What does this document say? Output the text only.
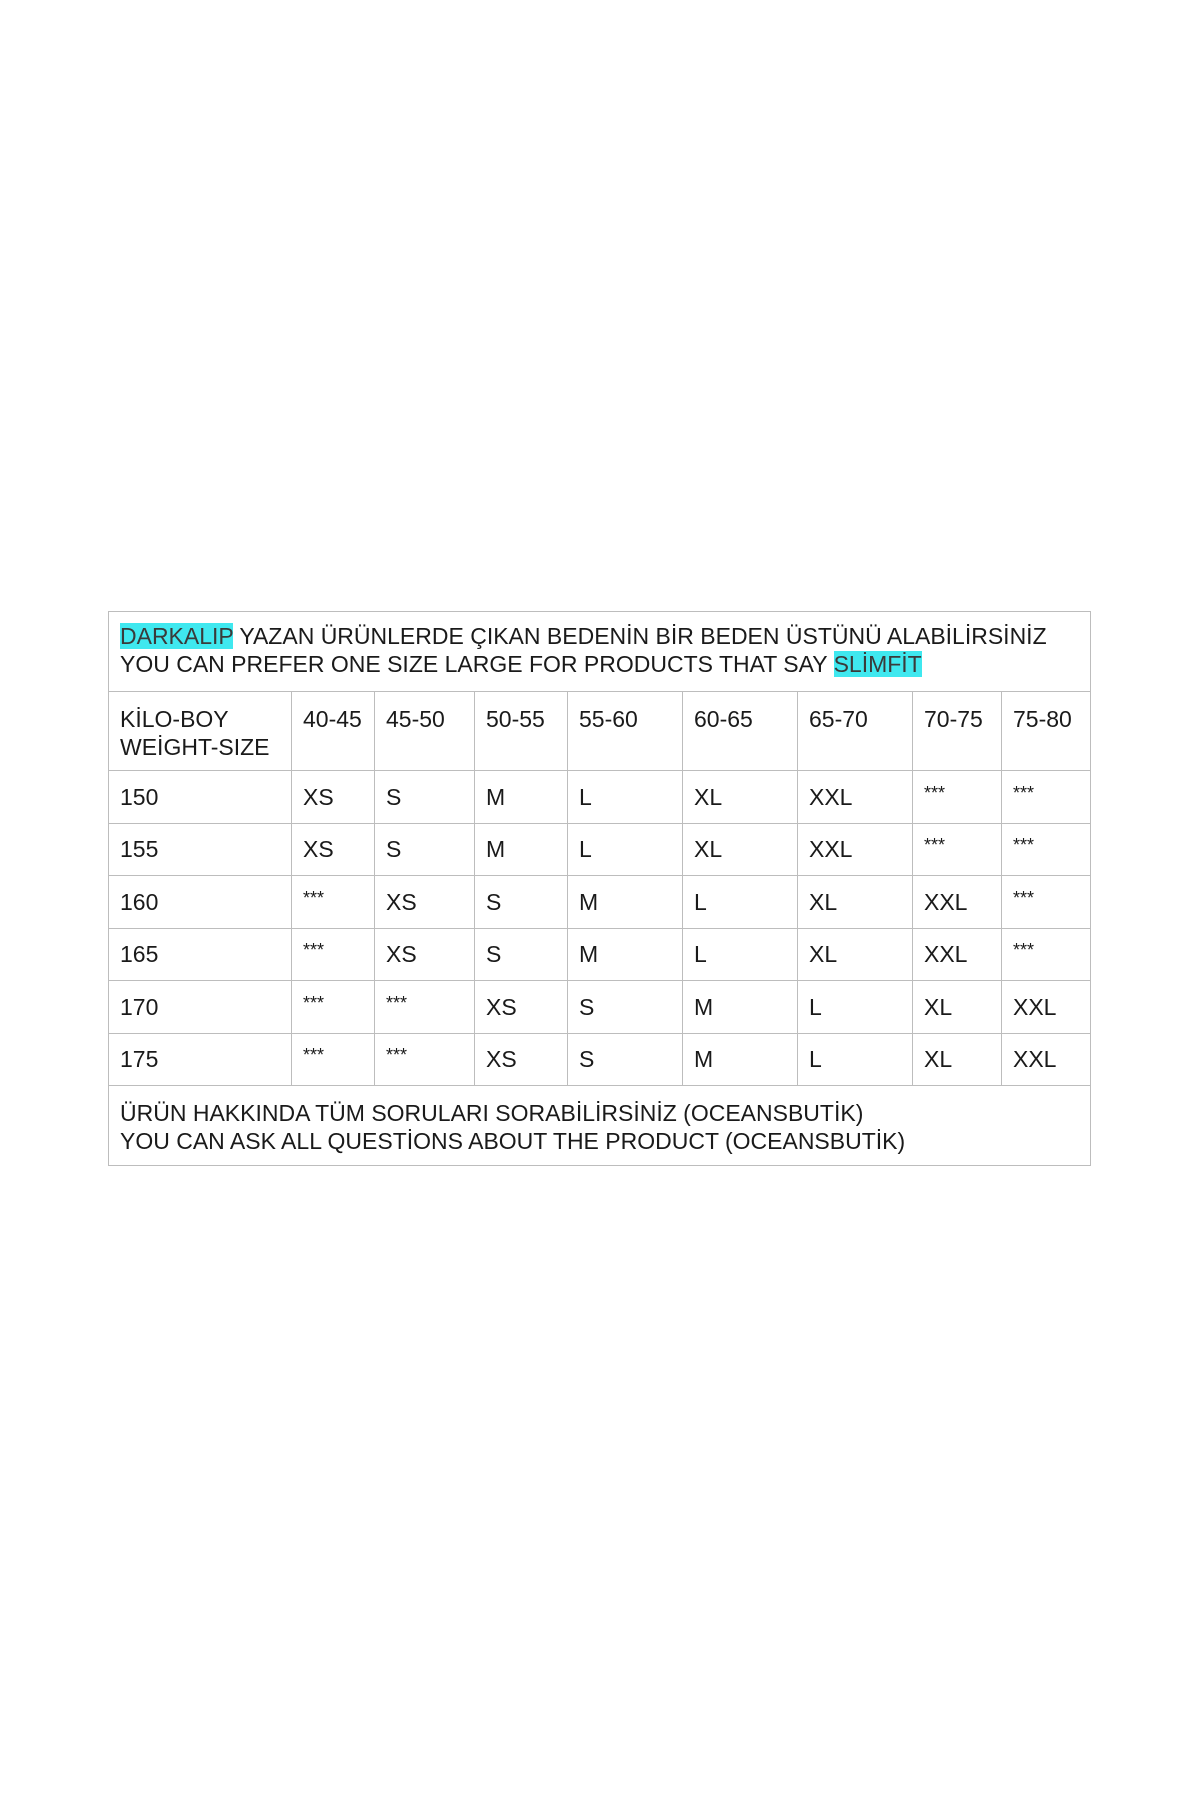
DARKALIP YAZAN ÜRÜNLERDE ÇIKAN BEDENİN BİR BEDEN ÜSTÜNÜ ALABİLİRSİNİZ
YOU CAN PREFER ONE SIZE LARGE FOR PRODUCTS THAT SAY SLİMFİT								

KİLO-BOY
WEİGHT-SIZE	40-45	45-50	50-55	55-60	60-65	65-70	70-75	75-80
150	XS	S	M	L	XL	XXL	***	***
155	XS	S	M	L	XL	XXL	***	***
160	***	XS	S	M	L	XL	XXL	***
165	***	XS	S	M	L	XL	XXL	***
170	***	***	XS	S	M	L	XL	XXL
175	***	***	XS	S	M	L	XL	XXL

ÜRÜN HAKKINDA TÜM SORULARI SORABİLİRSİNİZ (OCEANSBUTİK)
YOU CAN ASK ALL QUESTİONS ABOUT THE PRODUCT (OCEANSBUTİK)								
